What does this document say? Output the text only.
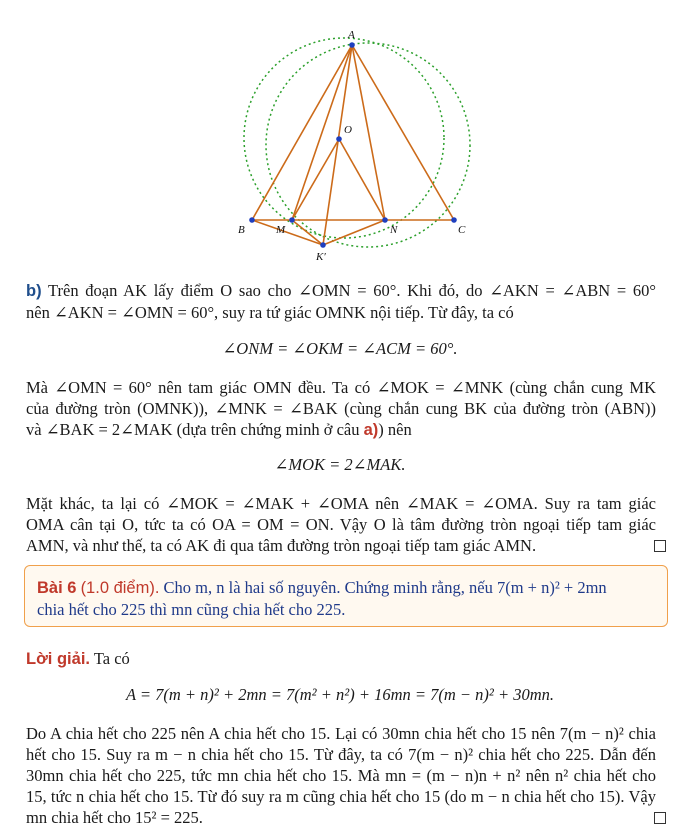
A
O
B	M	N	C
K′
b) Trên đoạn AK lấy điểm O sao cho ∠OMN = 60°. Khi đó, do ∠AKN = ∠ABN = 60°
nên ∠AKN = ∠OMN = 60°, suy ra tứ giác OMNK nội tiếp. Từ đây, ta có
∠ONM = ∠OKM = ∠ACM = 60°.
Mà ∠OMN = 60° nên tam giác OMN đều. Ta có ∠MOK = ∠MNK (cùng chắn cung MK
của đường tròn (OMNK)), ∠MNK = ∠BAK (cùng chắn cung BK của đường tròn (ABN))
và ∠BAK = 2∠MAK (dựa trên chứng minh ở câu a)) nên
∠MOK = 2∠MAK.
Mặt khác, ta lại có ∠MOK = ∠MAK + ∠OMA nên ∠MAK = ∠OMA. Suy ra tam giác
OMA cân tại O, tức ta có OA = OM = ON. Vậy O là tâm đường tròn ngoại tiếp tam giác
AMN, và như thế, ta có AK đi qua tâm đường tròn ngoại tiếp tam giác AMN.
Bài 6 (1.0 điểm). Cho m, n là hai số nguyên. Chứng minh rằng, nếu 7(m + n)² + 2mn
chia hết cho 225 thì mn cũng chia hết cho 225.
Lời giải. Ta có
A = 7(m + n)² + 2mn = 7(m² + n²) + 16mn = 7(m − n)² + 30mn.
Do A chia hết cho 225 nên A chia hết cho 15. Lại có 30mn chia hết cho 15 nên 7(m − n)² chia
hết cho 15. Suy ra m − n chia hết cho 15. Từ đây, ta có 7(m − n)² chia hết cho 225. Dẫn đến
30mn chia hết cho 225, tức mn chia hết cho 15. Mà mn = (m − n)n + n² nên n² chia hết cho
15, tức n chia hết cho 15. Từ đó suy ra m cũng chia hết cho 15 (do m − n chia hết cho 15). Vậy
mn chia hết cho 15² = 225.
